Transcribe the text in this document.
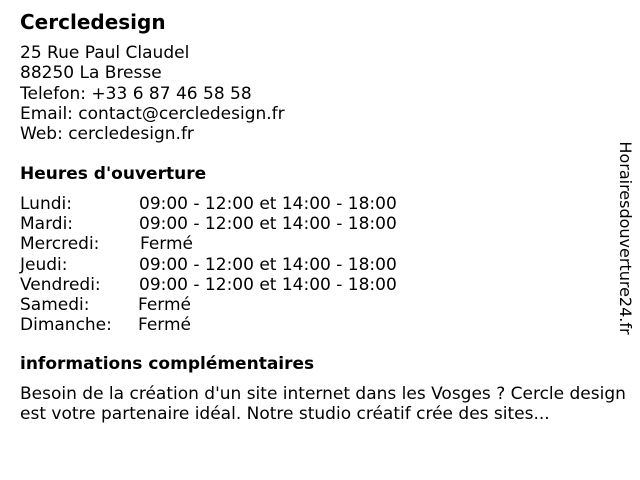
Cercledesign
25 Rue Paul Claudel
88250 La Bresse
Telefon: +33 6 87 46 58 58
Email: contact@cercledesign.fr
Web: cercledesign.fr
Heures d'ouverture
Lundi:	09:00 - 12:00 et 14:00 - 18:00
Mardi:	09:00 - 12:00 et 14:00 - 18:00
Mercredi:	Fermé
Jeudi:	09:00 - 12:00 et 14:00 - 18:00
Vendredi:	09:00 - 12:00 et 14:00 - 18:00
Samedi:	Fermé
Dimanche:	Fermé
informations complémentaires
Besoin de la création d'un site internet dans les Vosges ? Cercle design est votre partenaire idéal. Notre studio créatif crée des sites...
Horairesdouverture24.fr
